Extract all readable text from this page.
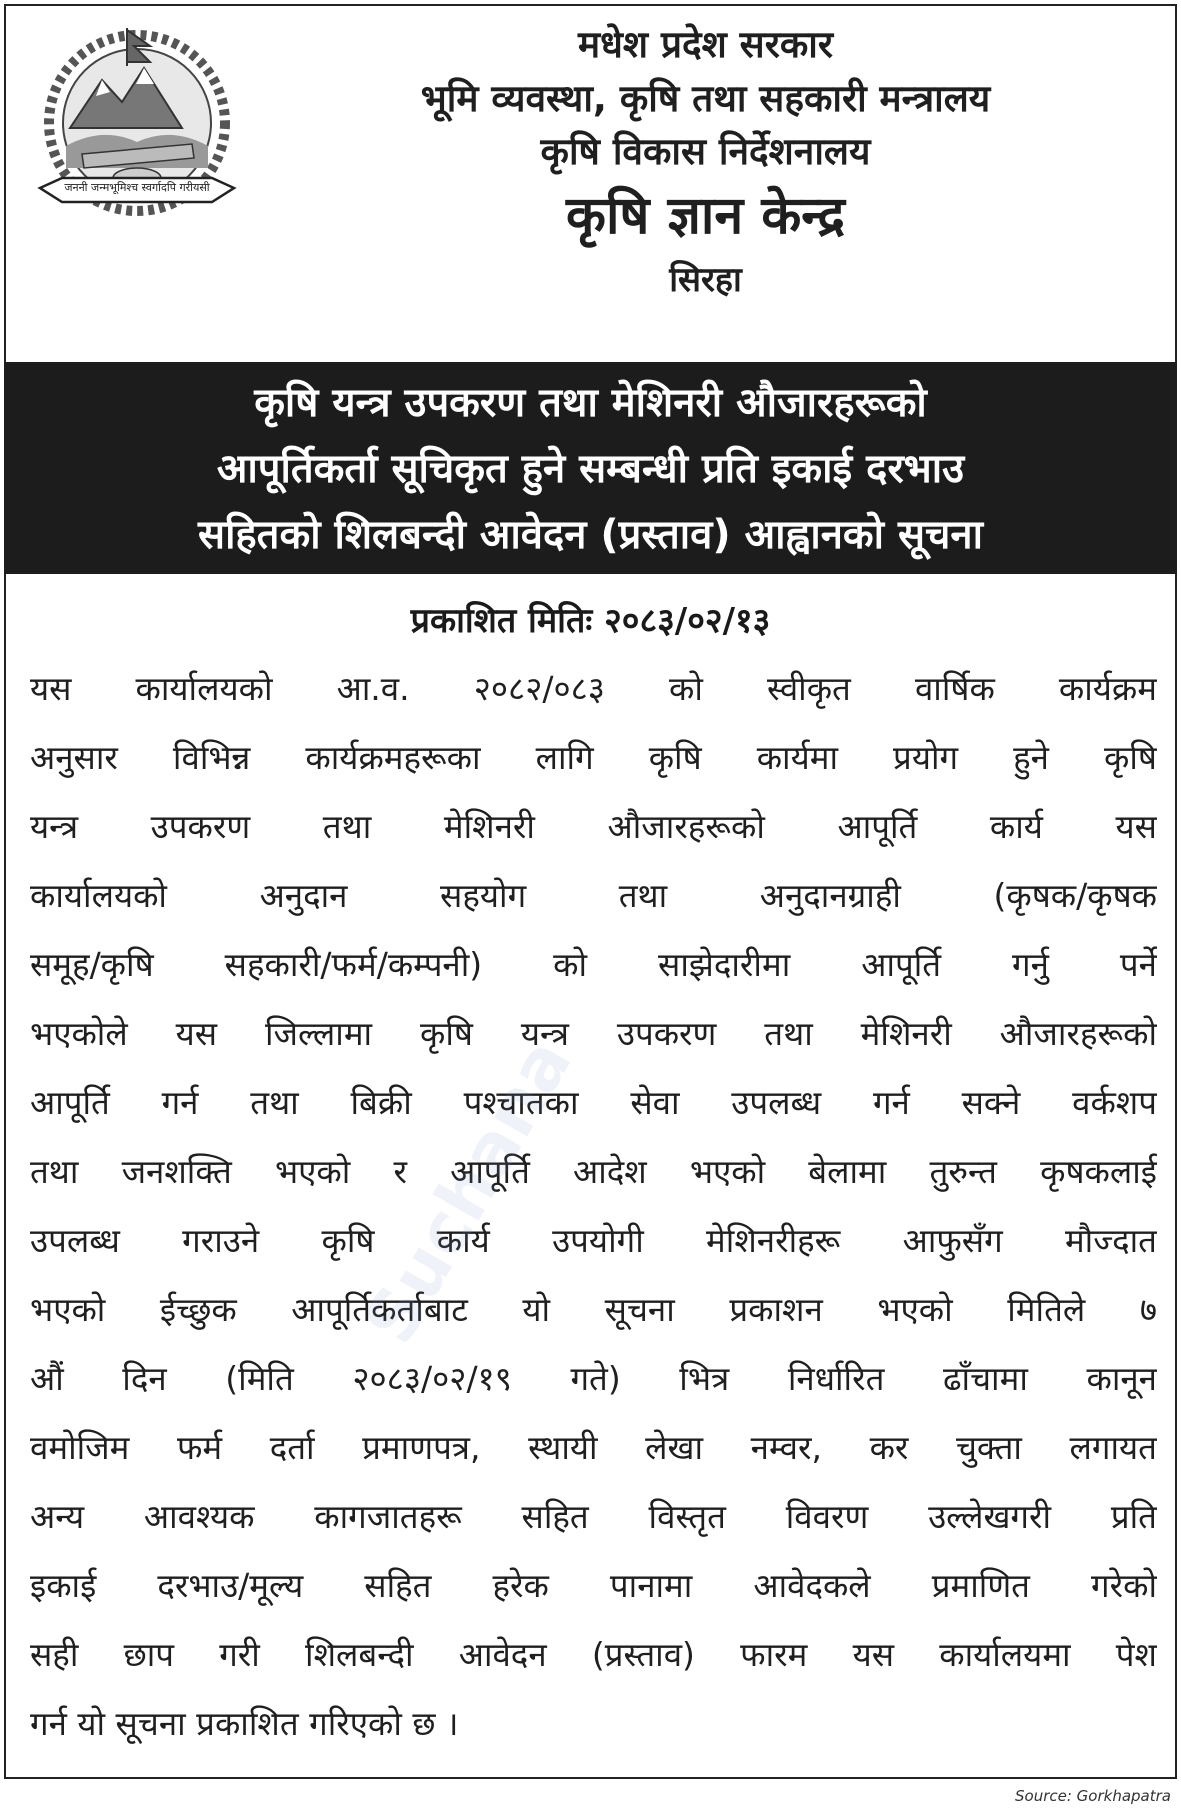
जननी जन्मभूमिश्च स्वर्गादपि गरीयसी
मधेश प्रदेश सरकार
भूमि व्यवस्था, कृषि तथा सहकारी मन्त्रालय
कृषि विकास निर्देशनालय
कृषि ज्ञान केन्द्र
सिरहा
कृषि यन्त्र उपकरण तथा मेशिनरी औजारहरूको
आपूर्तिकर्ता सूचिकृत हुने सम्बन्धी प्रति इकाई दरभाउ
सहितको शिलबन्दी आवेदन (प्रस्ताव) आह्वानको सूचना
प्रकाशित मितिः २०८३/०२/१३
यस कार्यालयको आ.व. २०८२/०८३ को स्वीकृत वार्षिक कार्यक्रम
अनुसार विभिन्न कार्यक्रमहरूका लागि कृषि कार्यमा प्रयोग हुने कृषि
यन्त्र उपकरण तथा मेशिनरी औजारहरूको आपूर्ति कार्य यस
कार्यालयको अनुदान सहयोग तथा अनुदानग्राही (कृषक/कृषक
समूह/कृषि सहकारी/फर्म/कम्पनी) को साझेदारीमा आपूर्ति गर्नु पर्ने
भएकोले यस जिल्लामा कृषि यन्त्र उपकरण तथा मेशिनरी औजारहरूको
आपूर्ति गर्न तथा बिक्री पश्चातका सेवा उपलब्ध गर्न सक्ने वर्कशप
तथा जनशक्ति भएको र आपूर्ति आदेश भएको बेलामा तुरुन्त कृषकलाई
उपलब्ध गराउने कृषि कार्य उपयोगी मेशिनरीहरू आफुसँग मौज्दात
भएको ईच्छुक आपूर्तिकर्ताबाट यो सूचना प्रकाशन भएको मितिले ७
औं दिन (मिति २०८३/०२/१९ गते) भित्र निर्धारित ढाँचामा कानून
वमोजिम फर्म दर्ता प्रमाणपत्र, स्थायी लेखा नम्वर, कर चुक्ता लगायत
अन्य आवश्यक कागजातहरू सहित विस्तृत विवरण उल्लेखगरी प्रति
इकाई दरभाउ/मूल्य सहित हरेक पानामा आवेदकले प्रमाणित गरेको
सही छाप गरी शिलबन्दी आवेदन (प्रस्ताव) फारम यस कार्यालयमा पेश
गर्न यो सूचना प्रकाशित गरिएको छ ।
Suchana
Source: Gorkhapatra
